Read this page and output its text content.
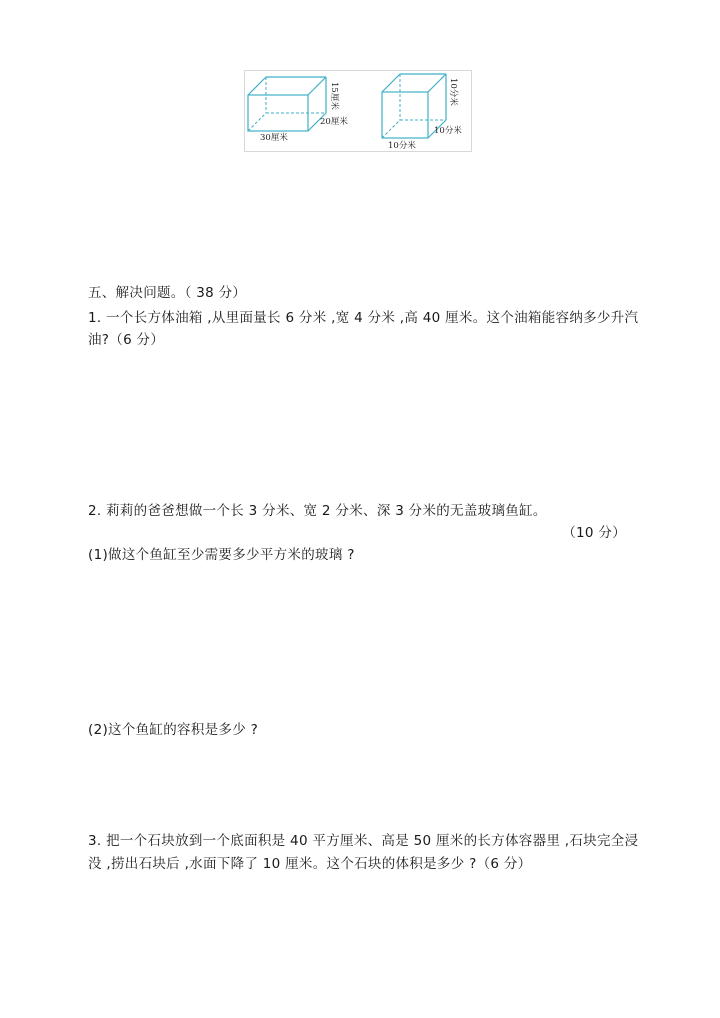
15厘米
20厘米
30厘米
10分米
10分米
10分米
五、解决问题。（ 38 分）
1. 一个长方体油箱 ,从里面量长 6 分米 ,宽 4 分米 ,高 40 厘米。这个油箱能容纳多少升汽
油?（6 分）
2. 莉莉的爸爸想做一个长 3 分米、宽 2 分米、深 3 分米的无盖玻璃鱼缸。
（10 分）
(1)做这个鱼缸至少需要多少平方米的玻璃 ?
(2)这个鱼缸的容积是多少 ?
3. 把一个石块放到一个底面积是 40 平方厘米、高是 50 厘米的长方体容器里 ,石块完全浸
没 ,捞出石块后 ,水面下降了 10 厘米。这个石块的体积是多少 ?（6 分）
